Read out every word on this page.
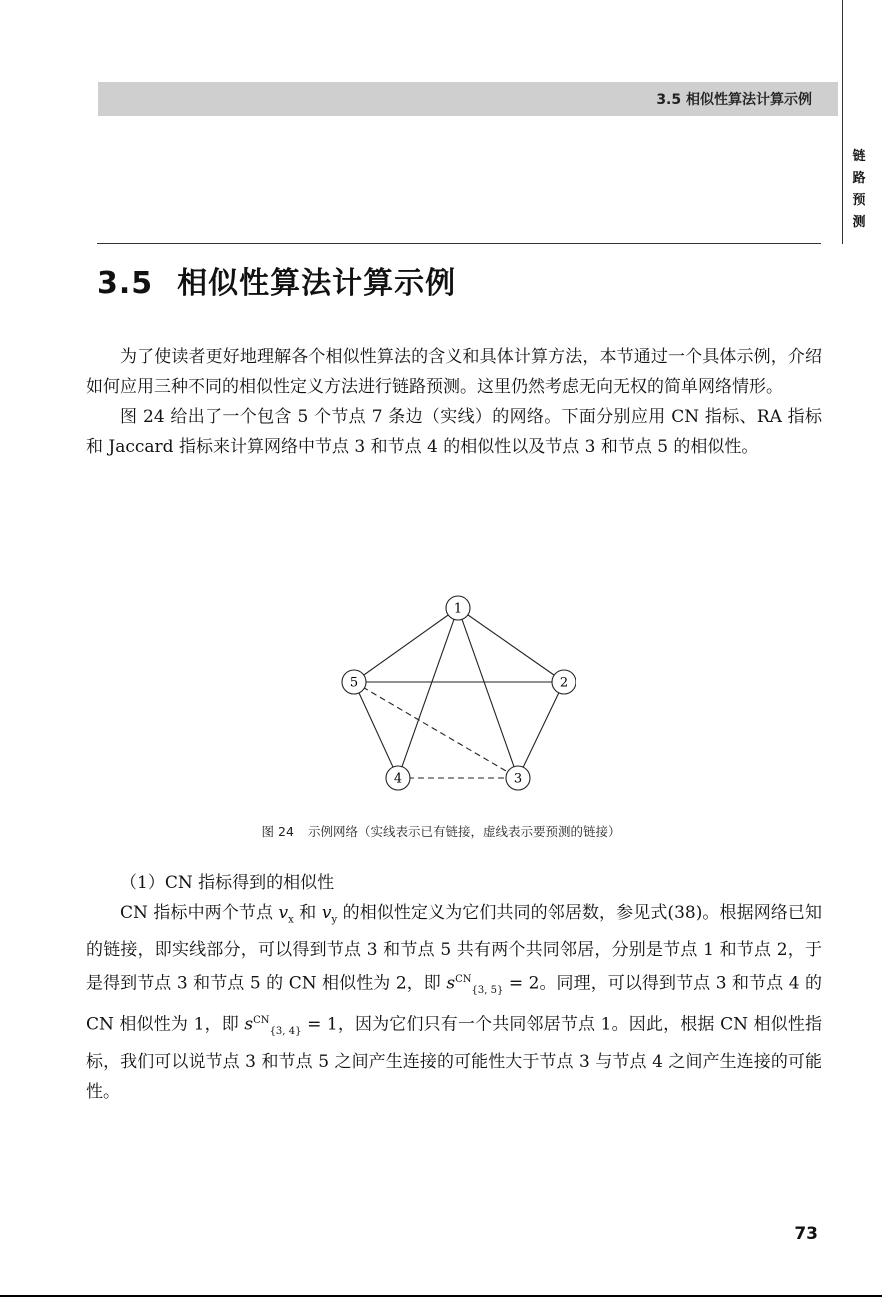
3.5 相似性算法计算示例
链
路
预
测
3.5 相似性算法计算示例

为了使读者更好地理解各个相似性算法的含义和具体计算方法，本节通过一个具体示例，介绍如何应用三种不同的相似性定义方法进行链路预测。这里仍然考虑无向无权的简单网络情形。

图 24 给出了一个包含 5 个节点 7 条边（实线）的网络。下面分别应用 CN 指标、RA 指标和 Jaccard 指标来计算网络中节点 3 和节点 4 的相似性以及节点 3 和节点 5 的相似性。

1
2
3
4
5
图 24 示例网络（实线表示已有链接，虚线表示要预测的链接）

（1）CN 指标得到的相似性

CN 指标中两个节点 $v_x$ 和 $v_y$ 的相似性定义为它们共同的邻居数，参见式(38)。根据网络已知的链接，即实线部分，可以得到节点 3 和节点 5 共有两个共同邻居，分别是节点 1 和节点 2，于是得到节点 3 和节点 5 的 CN 相似性为 2，即 $s^{CN}_{\{3, 5\}} = 2$。同理，可以得到节点 3 和节点 4 的 CN 相似性为 1，即 $s^{CN}_{\{3, 4\}} = 1$，因为它们只有一个共同邻居节点 1。因此，根据 CN 相似性指标，我们可以说节点 3 和节点 5 之间产生连接的可能性大于节点 3 与节点 4 之间产生连接的可能性。

73
